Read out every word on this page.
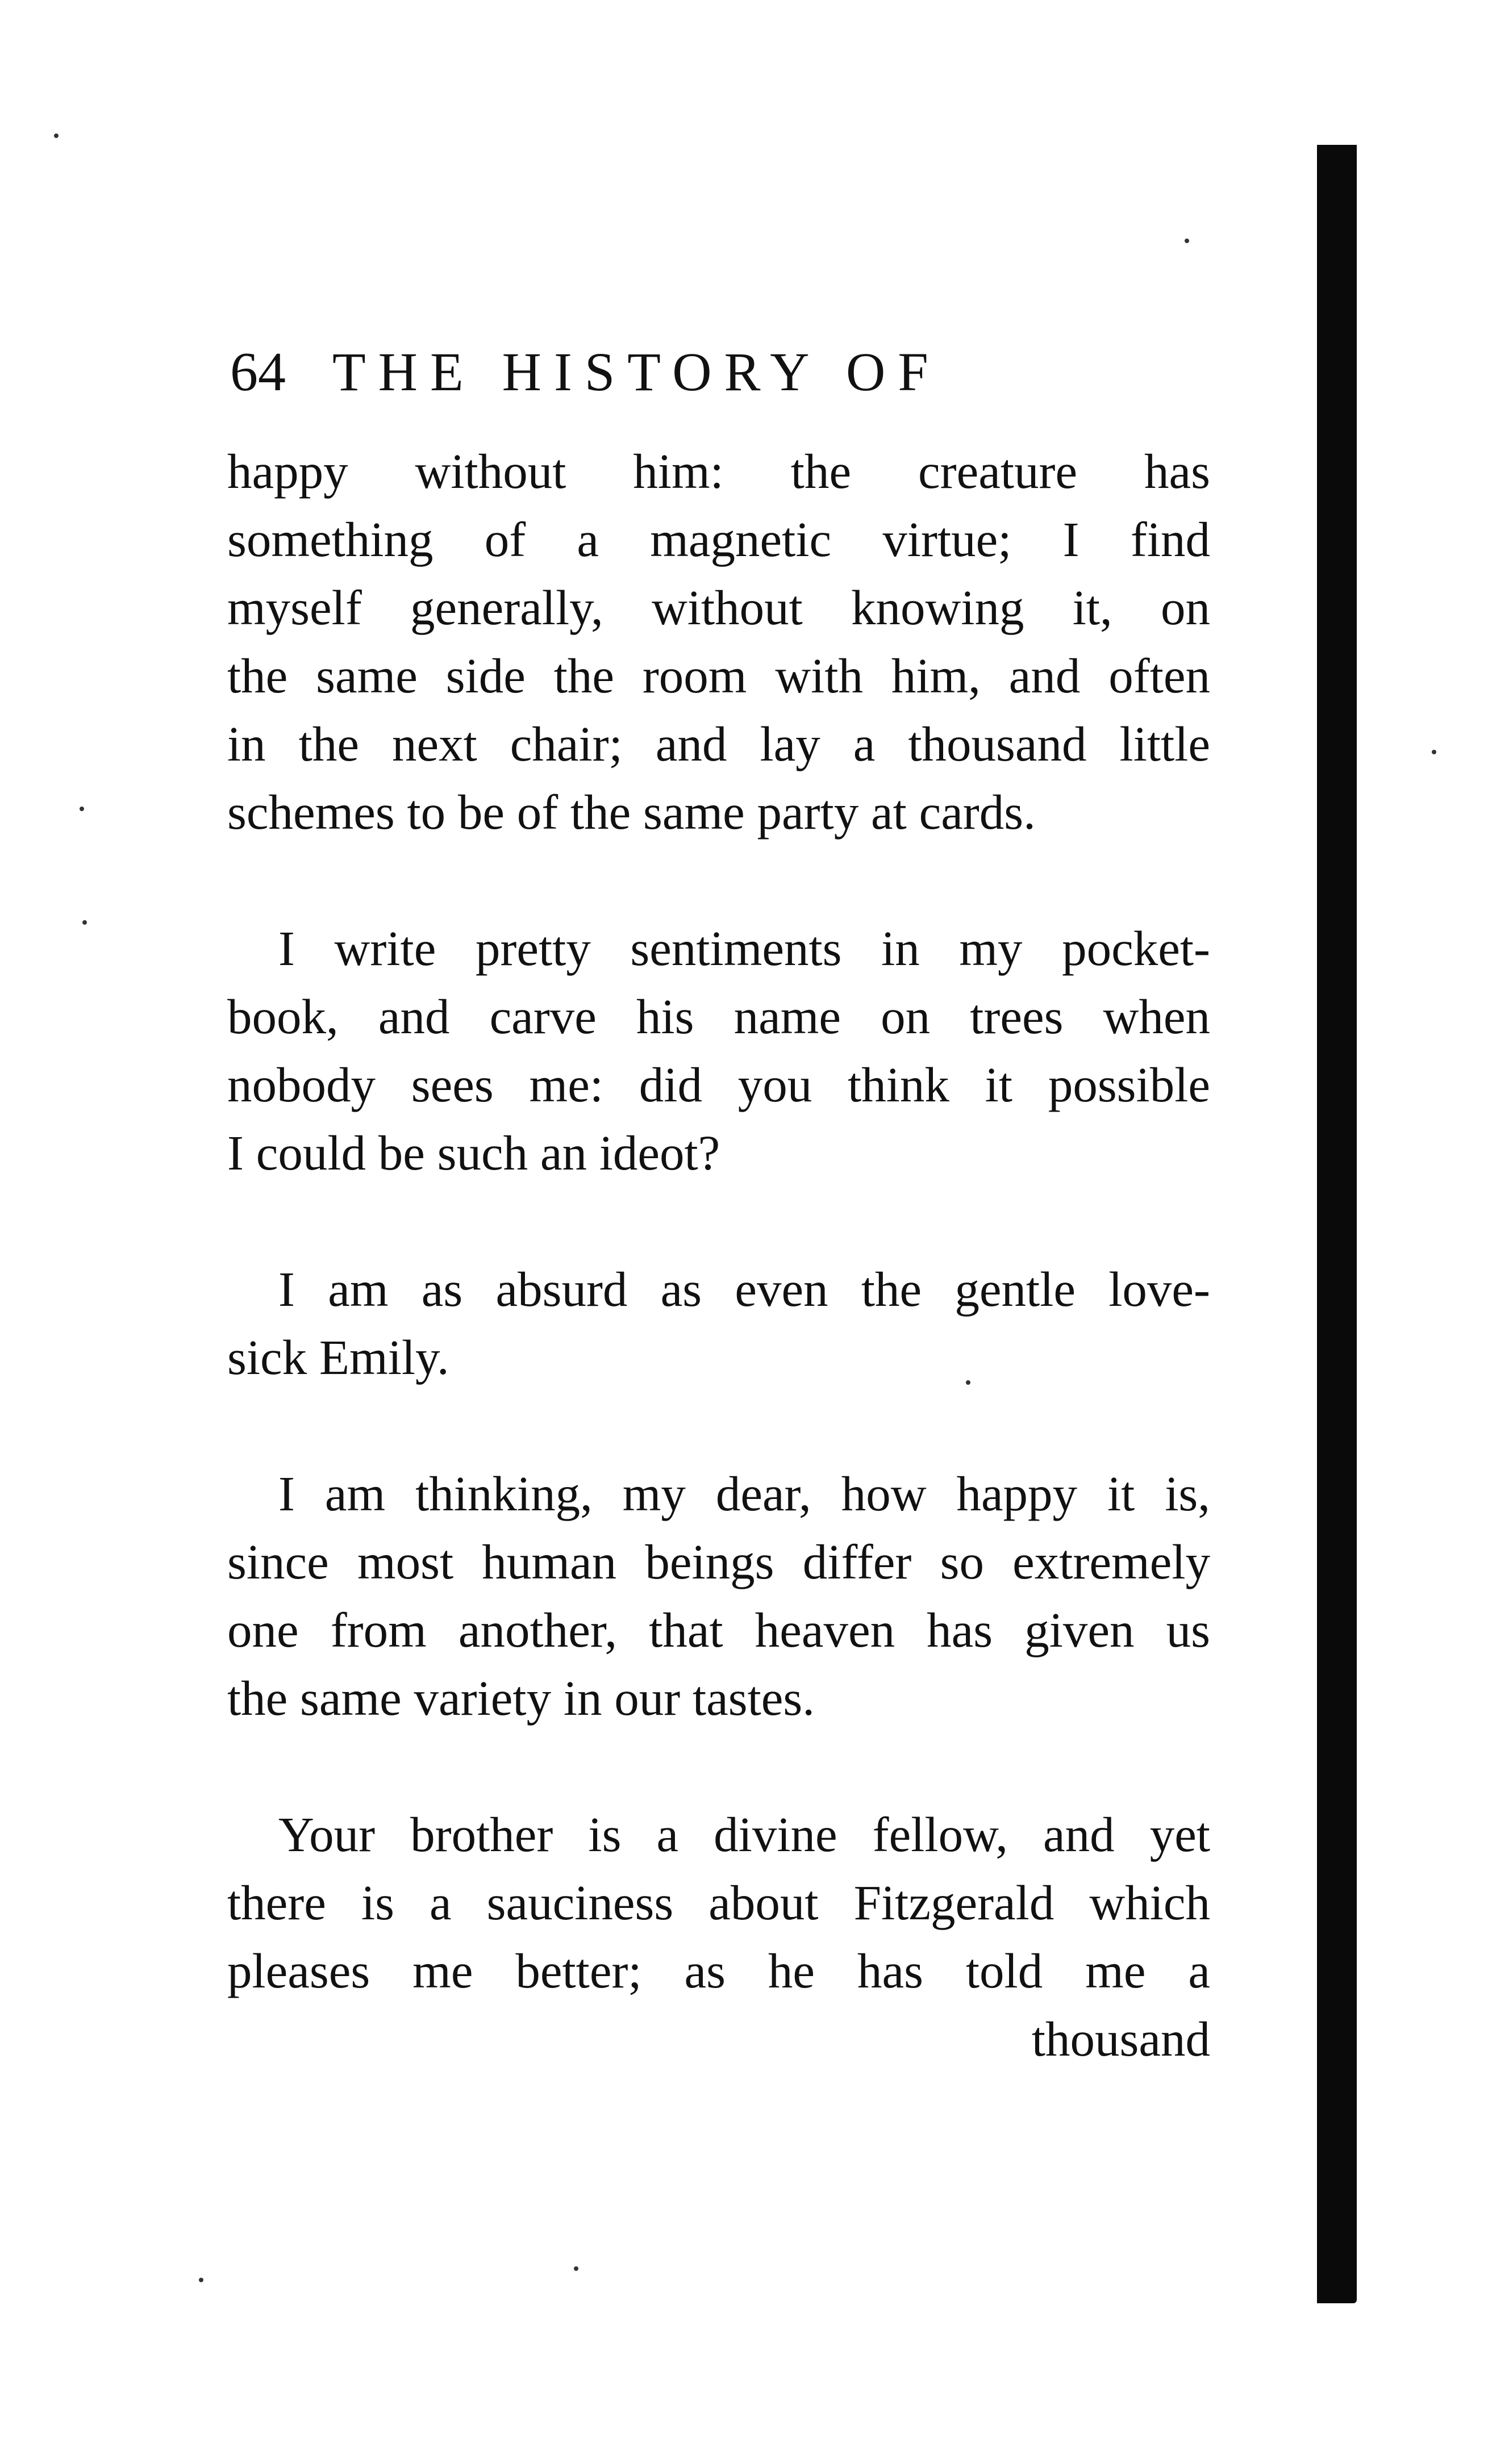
64 THE HISTORY OF
happy without him: the creature has
something of a magnetic virtue; I find
myself generally, without knowing it, on
the same side the room with him, and often
in the next chair; and lay a thousand little
schemes to be of the same party at cards.
I write pretty sentiments in my pocket-
book, and carve his name on trees when
nobody sees me: did you think it possible
I could be such an ideot?
I am as absurd as even the gentle love-
sick Emily.
I am thinking, my dear, how happy it is,
since most human beings differ so extremely
one from another, that heaven has given us
the same variety in our tastes.
Your brother is a divine fellow, and yet
there is a sauciness about Fitzgerald which
pleases me better; as he has told me a
thousand
